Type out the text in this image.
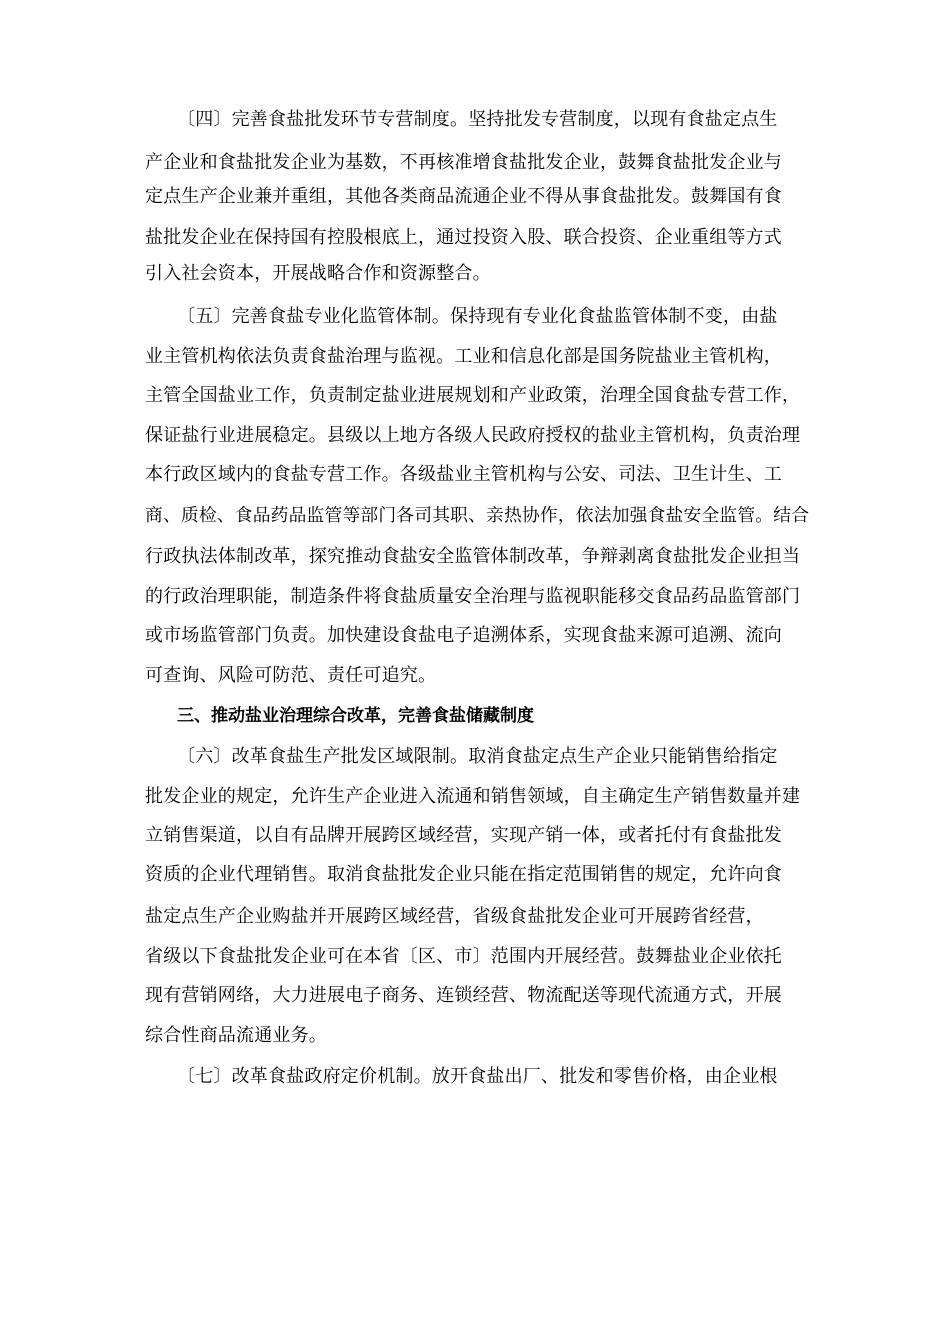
〔四〕完善食盐批发环节专营制度。坚持批发专营制度，以现有食盐定点生

产企业和食盐批发企业为基数，不再核准增食盐批发企业，鼓舞食盐批发企业与

定点生产企业兼并重组，其他各类商品流通企业不得从事食盐批发。鼓舞国有食

盐批发企业在保持国有控股根底上，通过投资入股、联合投资、企业重组等方式

引入社会资本，开展战略合作和资源整合。

〔五〕完善食盐专业化监管体制。保持现有专业化食盐监管体制不变，由盐

业主管机构依法负责食盐治理与监视。工业和信息化部是国务院盐业主管机构，

主管全国盐业工作，负责制定盐业进展规划和产业政策，治理全国食盐专营工作，

保证盐行业进展稳定。县级以上地方各级人民政府授权的盐业主管机构，负责治理

本行政区域内的食盐专营工作。各级盐业主管机构与公安、司法、卫生计生、工

商、质检、食品药品监管等部门各司其职、亲热协作，依法加强食盐安全监管。结合

行政执法体制改革，探究推动食盐安全监管体制改革，争辩剥离食盐批发企业担当

的行政治理职能，制造条件将食盐质量安全治理与监视职能移交食品药品监管部门

或市场监管部门负责。加快建设食盐电子追溯体系，实现食盐来源可追溯、流向

可查询、风险可防范、责任可追究。

三、推动盐业治理综合改革，完善食盐储藏制度

〔六〕改革食盐生产批发区域限制。取消食盐定点生产企业只能销售给指定

批发企业的规定，允许生产企业进入流通和销售领域，自主确定生产销售数量并建

立销售渠道，以自有品牌开展跨区域经营，实现产销一体，或者托付有食盐批发

资质的企业代理销售。取消食盐批发企业只能在指定范围销售的规定，允许向食

盐定点生产企业购盐并开展跨区域经营，省级食盐批发企业可开展跨省经营，

省级以下食盐批发企业可在本省〔区、市〕范围内开展经营。鼓舞盐业企业依托

现有营销网络，大力进展电子商务、连锁经营、物流配送等现代流通方式，开展

综合性商品流通业务。

〔七〕改革食盐政府定价机制。放开食盐出厂、批发和零售价格，由企业根
